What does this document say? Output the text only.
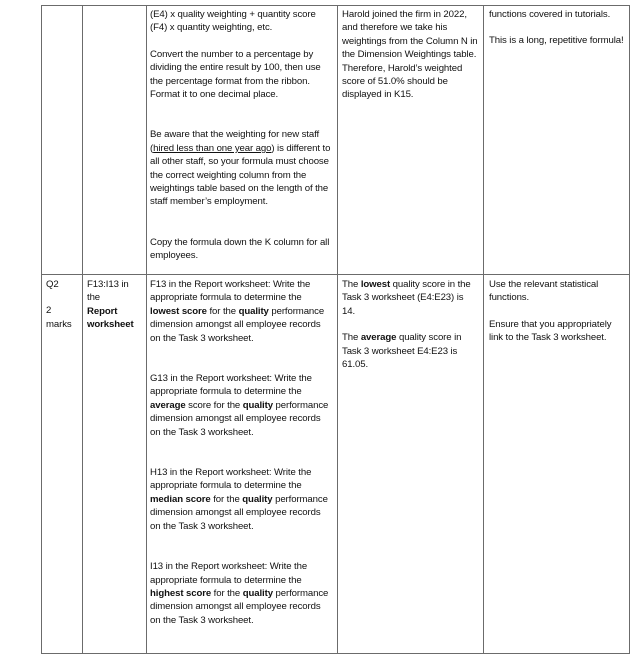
(E4) x quality weighting + quantity score (F4) x quantity weighting, etc.

Convert the number to a percentage by dividing the entire result by 100, then use the percentage format from the ribbon. Format it to one decimal place.

Be aware that the weighting for new staff (hired less than one year ago) is different to all other staff, so your formula must choose the correct weighting column from the weightings table based on the length of the staff member’s employment.

Copy the formula down the K column for all employees.

Harold joined the firm in 2022, and therefore we take his weightings from the Column N in the Dimension Weightings table. Therefore, Harold’s weighted score of 51.0% should be displayed in K15.

functions covered in tutorials.

This is a long, repetitive formula!

Q2

2

marks

F13:I13 in the

Report worksheet

F13 in the Report worksheet: Write the appropriate formula to determine the lowest score for the quality performance dimension amongst all employee records on the Task 3 worksheet.

G13 in the Report worksheet: Write the appropriate formula to determine the average score for the quality performance dimension amongst all employee records on the Task 3 worksheet.

H13 in the Report worksheet: Write the appropriate formula to determine the median score for the quality performance dimension amongst all employee records on the Task 3 worksheet.

I13 in the Report worksheet: Write the appropriate formula to determine the highest score for the quality performance dimension amongst all employee records on the Task 3 worksheet.

The lowest quality score in the Task 3 worksheet (E4:E23) is 14.

The average quality score in Task 3 worksheet E4:E23 is 61.05.

Use the relevant statistical functions.

Ensure that you appropriately link to the Task 3 worksheet.
